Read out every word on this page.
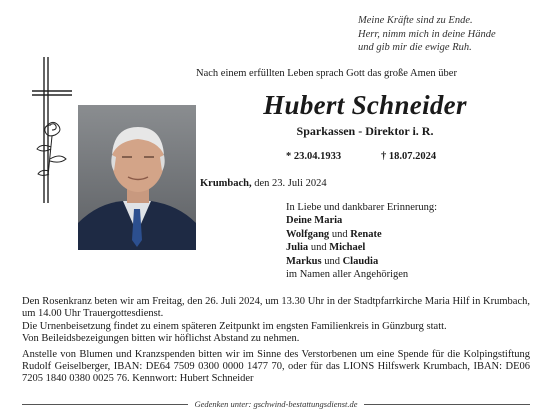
Meine Kräfte sind zu Ende.
Herr, nimm mich in deine Hände
und gib mir die ewige Ruh.
Nach einem erfüllten Leben sprach Gott das große Amen über
Hubert Schneider
Sparkassen - Direktor i. R.
* 23.04.1933	† 18.07.2024
Krumbach, den 23. Juli 2024
In Liebe und dankbarer Erinnerung:
Deine Maria
Wolfgang und Renate
Julia und Michael
Markus und Claudia
im Namen aller Angehörigen

Den Rosenkranz beten wir am Freitag, den 26. Juli 2024, um 13.30 Uhr in der Stadtpfarrkirche Maria Hilf in Krumbach, um 14.00 Uhr Trauergottesdienst.

Die Urnenbeisetzung findet zu einem späteren Zeitpunkt im engsten Familienkreis in Günzburg statt.

Von Beileidsbezeigungen bitten wir höflichst Abstand zu nehmen.

Anstelle von Blumen und Kranzspenden bitten wir im Sinne des Verstorbenen um eine Spende für die Kolpingstiftung Rudolf Geiselberger, IBAN: DE64 7509 0300 0000 1477 70, oder für das LIONS Hilfswerk Krumbach, IBAN: DE06 7205 1840 0380 0025 76. Kennwort: Hubert Schneider

Gedenken unter: gschwind-bestattungsdienst.de
